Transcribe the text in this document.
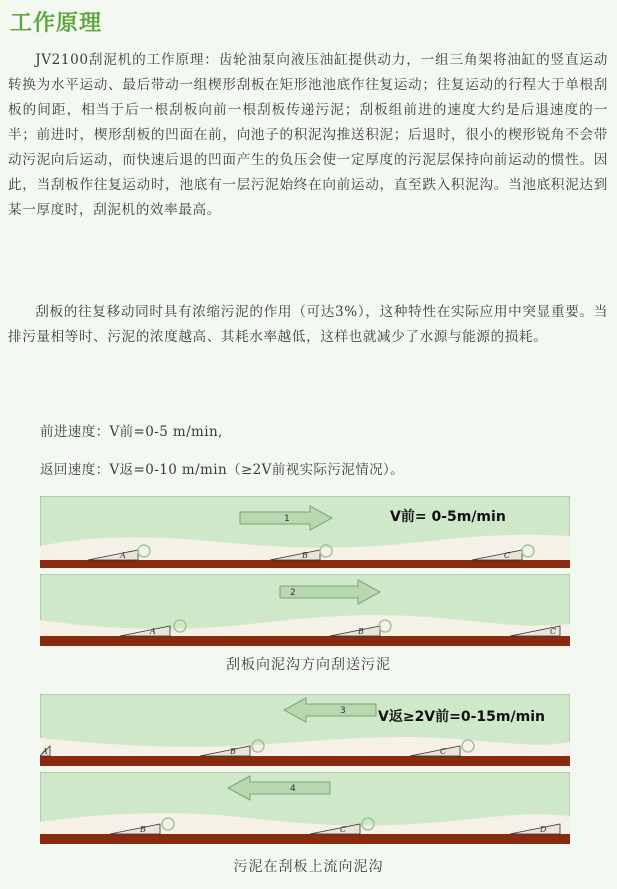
工作原理

JV2100刮泥机的工作原理：齿轮油泵向液压油缸提供动力，一组三角架将油缸的竖直运动转换为水平运动、最后带动一组楔形刮板在矩形池池底作往复运动；往复运动的行程大于单根刮板的间距，相当于后一根刮板向前一根刮板传递污泥；刮板组前进的速度大约是后退速度的一半；前进时，楔形刮板的凹面在前，向池子的积泥沟推送积泥；后退时，很小的楔形锐角不会带动污泥向后运动，而快速后退的凹面产生的负压会使一定厚度的污泥层保持向前运动的惯性。因此，当刮板作往复运动时，池底有一层污泥始终在向前运动，直至跌入积泥沟。当池底积泥达到某一厚度时，刮泥机的效率最高。

刮板的往复移动同时具有浓缩污泥的作用（可达3%），这种特性在实际应用中突显重要。当排污量相等时、污泥的浓度越高、其耗水率越低，这样也就减少了水源与能源的损耗。

前进速度：V前=0-5 m/min,
返回速度：V返=0-10 m/min（≥2V前视实际污泥情况）。
1
A	B	C
V前= 0-5m/min
2
A	B	C
刮板向泥沟方向刮送污泥
3
A	B	C
V返≥2V前=0-15m/min
4
B	C	D
污泥在刮板上流向泥沟
